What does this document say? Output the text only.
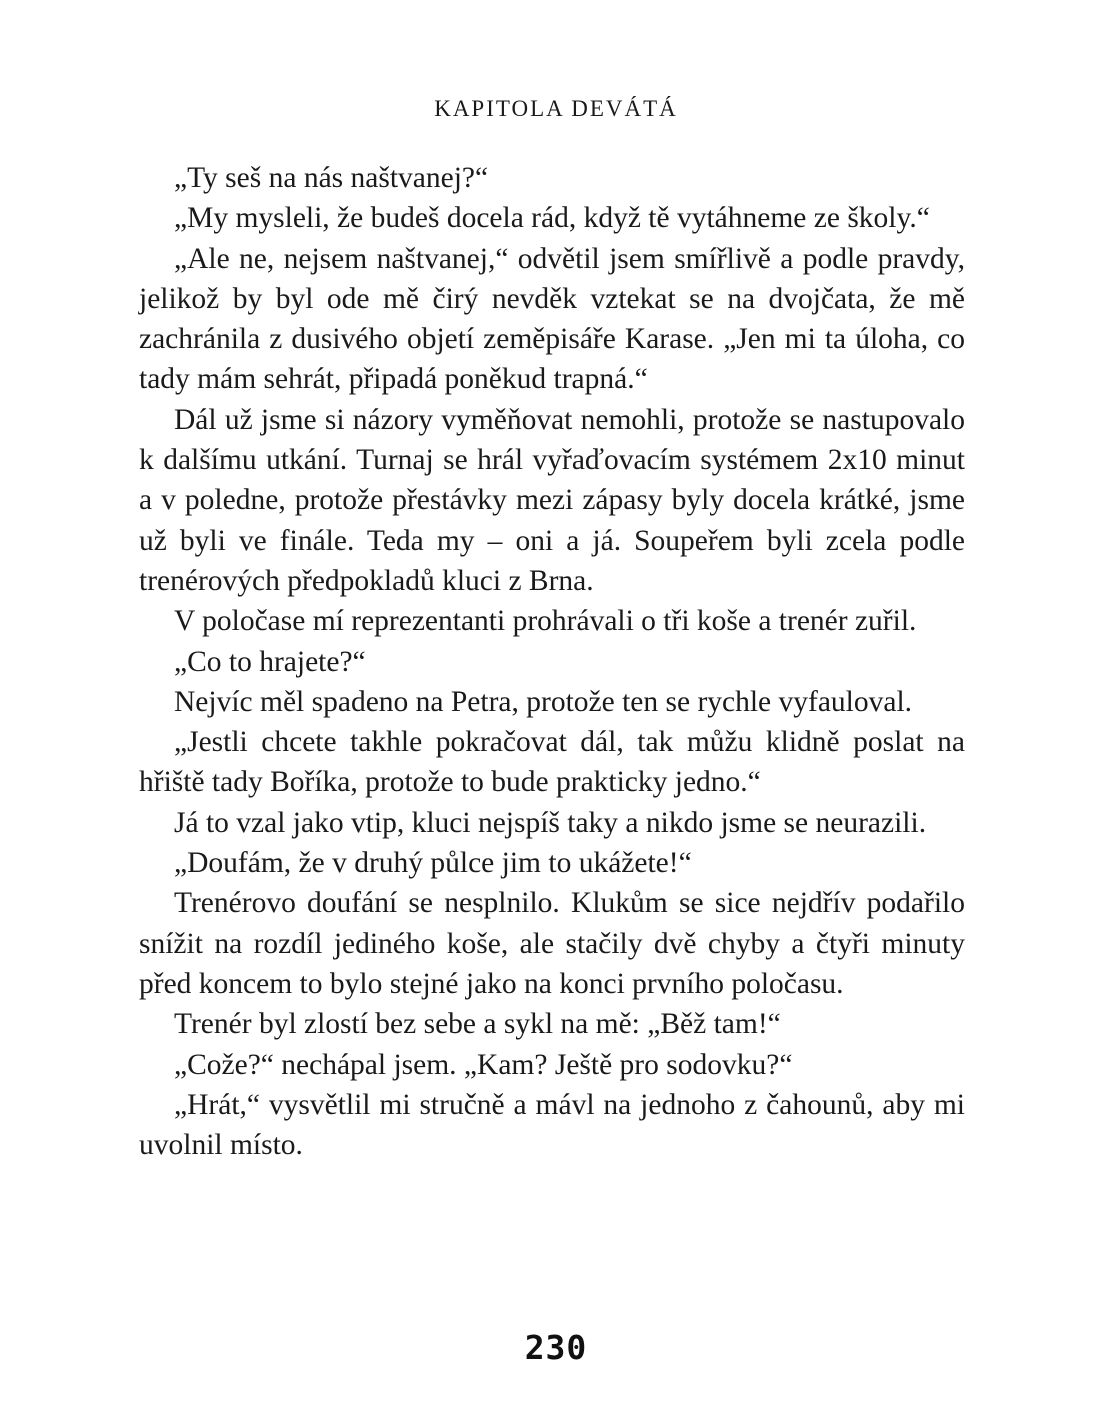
KAPITOLA DEVÁTÁ

„Ty seš na nás naštvanej?“

„My mysleli, že budeš docela rád, když tě vytáhneme ze školy.“

„Ale ne, nejsem naštvanej,“ odvětil jsem smířlivě a podle pravdy, jelikož by byl ode mě čirý nevděk vztekat se na dvojčata, že mě zachránila z dusivého objetí zeměpisáře Karase. „Jen mi ta úloha, co tady mám sehrát, připadá poněkud trapná.“

Dál už jsme si názory vyměňovat nemohli, protože se nastupovalo k dalšímu utkání. Turnaj se hrál vyřaďovacím systémem 2x10 minut a v poledne, protože přestávky mezi zápasy byly docela krátké, jsme už byli ve finále. Teda my – oni a já. Soupeřem byli zcela podle trenérových předpokladů kluci z Brna.

V poločase mí reprezentanti prohrávali o tři koše a trenér zuřil.

„Co to hrajete?“

Nejvíc měl spadeno na Petra, protože ten se rychle vyfauloval.

„Jestli chcete takhle pokračovat dál, tak můžu klidně poslat na hřiště tady Boříka, protože to bude prakticky jedno.“

Já to vzal jako vtip, kluci nejspíš taky a nikdo jsme se neurazili.

„Doufám, že v druhý půlce jim to ukážete!“

Trenérovo doufání se nesplnilo. Klukům se sice nejdřív podařilo snížit na rozdíl jediného koše, ale stačily dvě chyby a čtyři minuty před koncem to bylo stejné jako na konci prvního poločasu.

Trenér byl zlostí bez sebe a sykl na mě: „Běž tam!“

„Cože?“ nechápal jsem. „Kam? Ještě pro sodovku?“

„Hrát,“ vysvětlil mi stručně a mávl na jednoho z čahounů, aby mi uvolnil místo.

230
